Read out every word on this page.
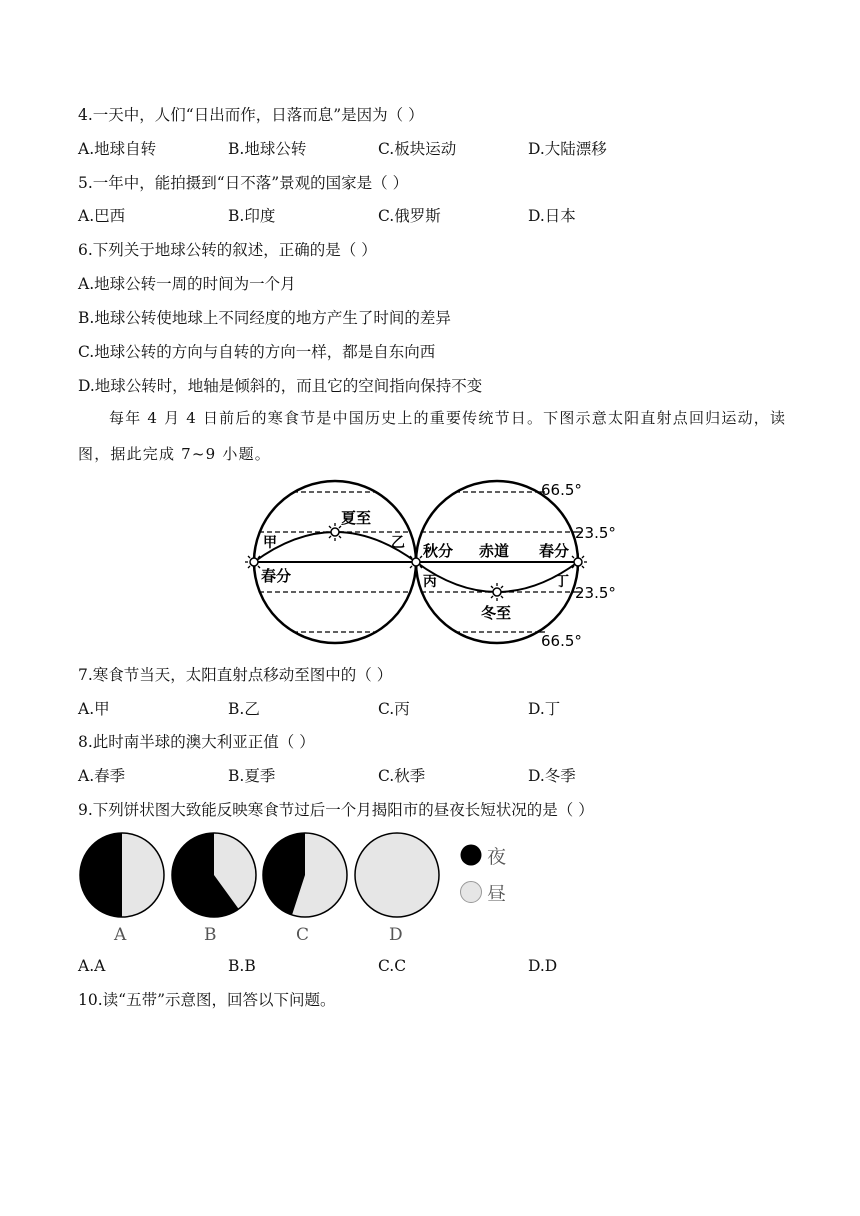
4.一天中，人们“日出而作，日落而息”是因为（ ）
A.地球自转	B.地球公转	C.板块运动	D.大陆漂移
5.一年中，能拍摄到“日不落”景观的国家是（ ）
A.巴西	B.印度	C.俄罗斯	D.日本
6.下列关于地球公转的叙述，正确的是（ ）
A.地球公转一周的时间为一个月
B.地球公转使地球上不同经度的地方产生了时间的差异
C.地球公转的方向与自转的方向一样，都是自东向西
D.地球公转时，地轴是倾斜的，而且它的空间指向保持不变
每年 4 月 4 日前后的寒食节是中国历史上的重要传统节日。下图示意太阳直射点回归运动，读图，据此完成 7~9 小题。
66.5°
23.5°
23.5°
66.5°
夏至
冬至
春分
秋分 赤道 春分
甲	乙
丙	丁
7.寒食节当天，太阳直射点移动至图中的（ ）
A.甲	B.乙	C.丙	D.丁
8.此时南半球的澳大利亚正值（ ）
A.春季	B.夏季	C.秋季	D.冬季
9.下列饼状图大致能反映寒食节过后一个月揭阳市的昼夜长短状况的是（ ）
A	B	C	D
夜
昼
A.A	B.B	C.C	D.D
10.读“五带”示意图，回答以下问题。
